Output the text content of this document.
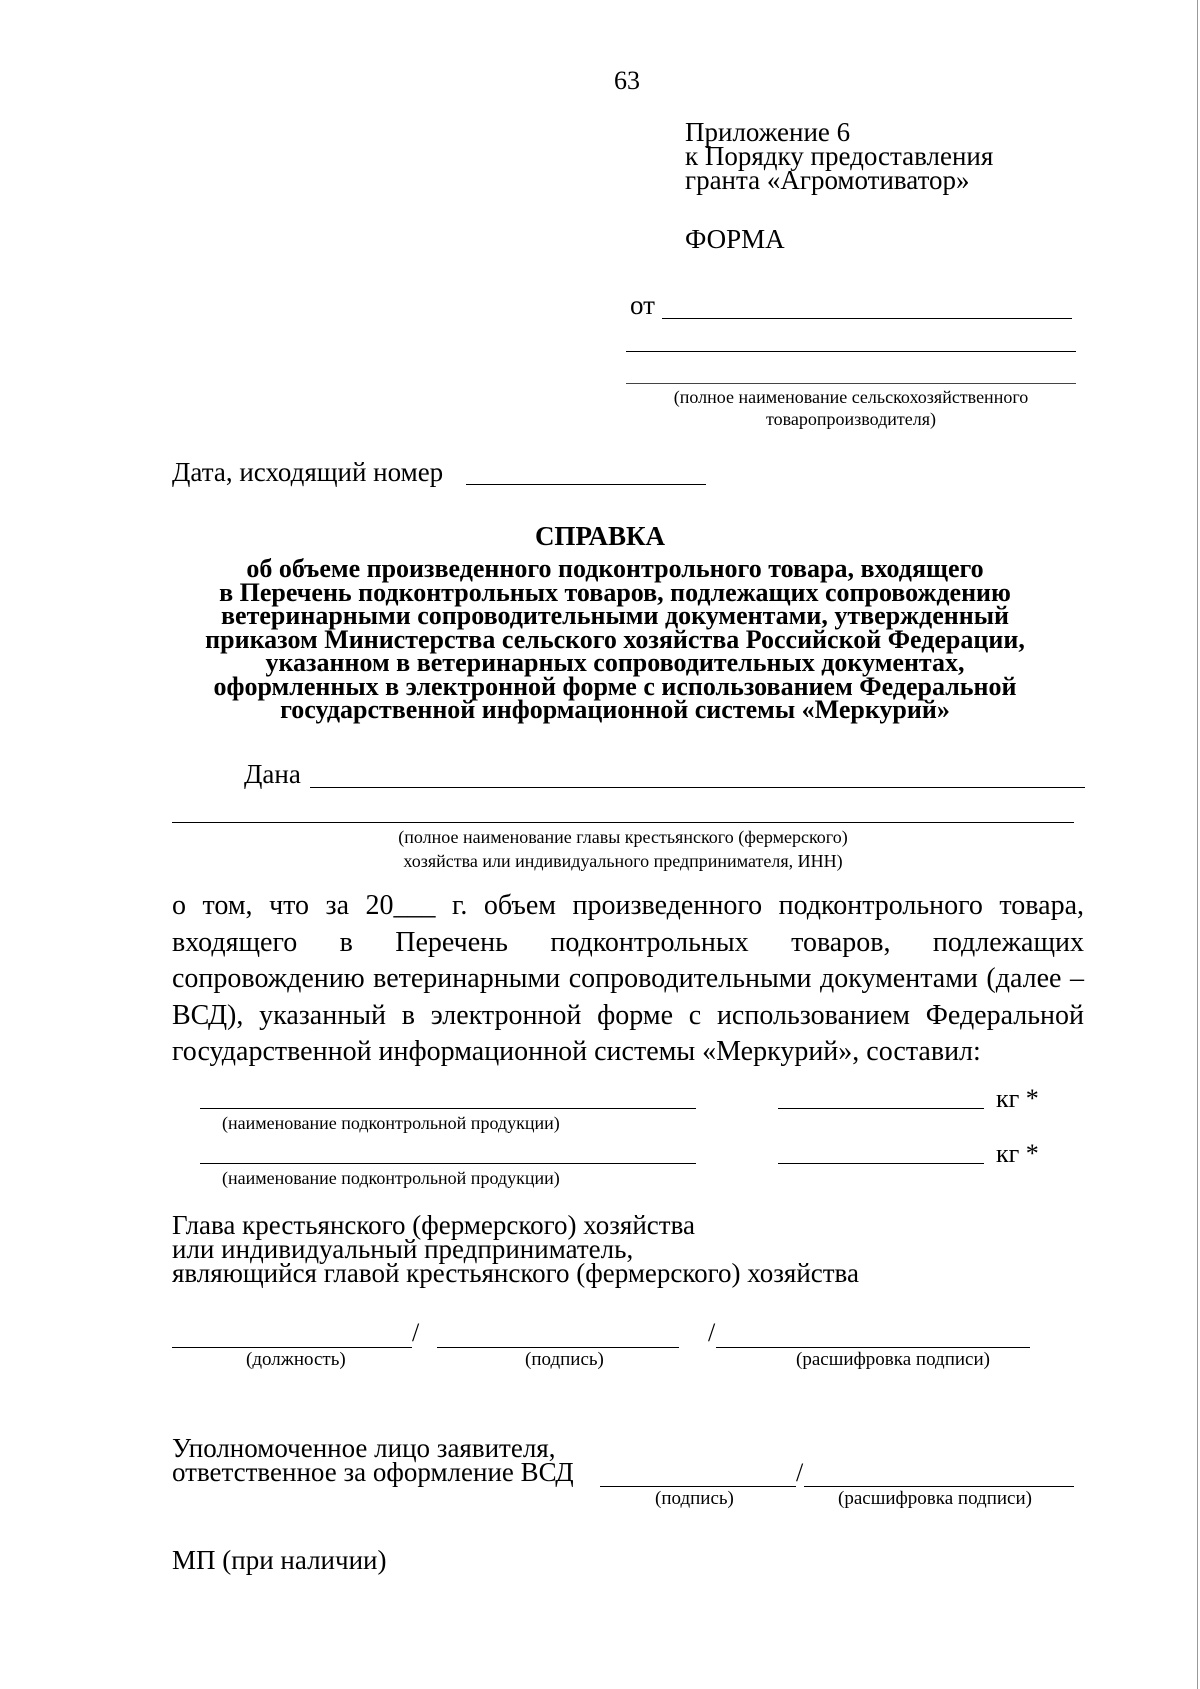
63
Приложение 6
к Порядку предоставления
гранта «Агромотиватор»
ФОРМА
от
(полное наименование сельскохозяйственного
товаропроизводителя)
Дата, исходящий номер
СПРАВКА
об объеме произведенного подконтрольного товара, входящего
в Перечень подконтрольных товаров, подлежащих сопровождению
ветеринарными сопроводительными документами, утвержденный
приказом Министерства сельского хозяйства Российской Федерации,
указанном в ветеринарных сопроводительных документах,
оформленных в электронной форме с использованием Федеральной
государственной информационной системы «Меркурий»
Дана
(полное наименование главы крестьянского (фермерского)
хозяйства или индивидуального предпринимателя, ИНН)
о том, что за 20___ г. объем произведенного подконтрольного товара,
входящего в Перечень подконтрольных товаров, подлежащих
сопровождению ветеринарными сопроводительными документами (далее –
ВСД), указанный в электронной форме с использованием Федеральной
государственной информационной системы «Меркурий», составил:
кг *
(наименование подконтрольной продукции)
кг *
(наименование подконтрольной продукции)
Глава крестьянского (фермерского) хозяйства
или индивидуальный предприниматель,
являющийся главой крестьянского (фермерского) хозяйства
/	/
(должность)	(подпись)	(расшифровка подписи)
Уполномоченное лицо заявителя,
ответственное за оформление ВСД	/
(подпись)	(расшифровка подписи)
МП (при наличии)
